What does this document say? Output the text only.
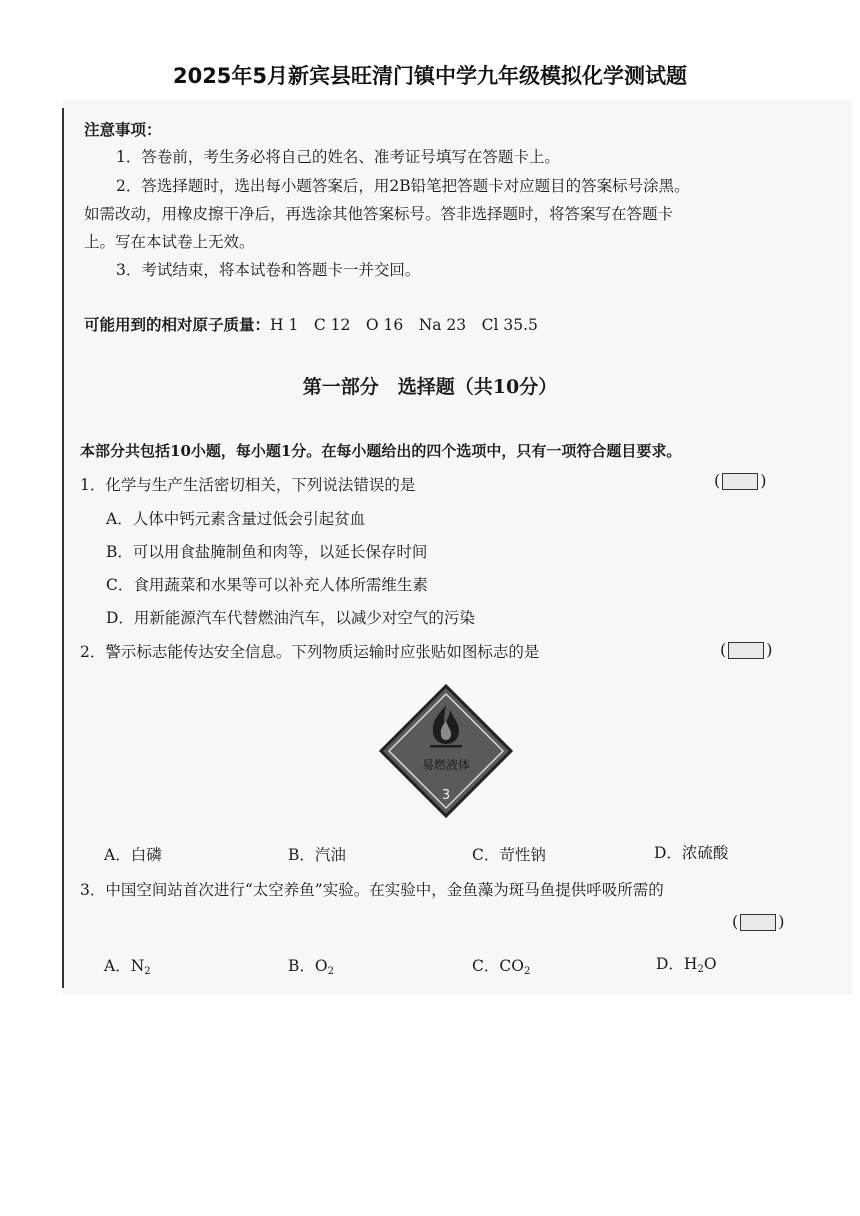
2025年5月新宾县旺清门镇中学九年级模拟化学测试题
注意事项：
1．答卷前，考生务必将自己的姓名、准考证号填写在答题卡上。
2．答选择题时，选出每小题答案后，用2B铅笔把答题卡对应题目的答案标号涂黑。
如需改动，用橡皮擦干净后，再选涂其他答案标号。答非选择题时，将答案写在答题卡
上。写在本试卷上无效。
3．考试结束，将本试卷和答题卡一并交回。
可能用到的相对原子质量：H 1　C 12　O 16　Na 23　Cl 35.5
第一部分　选择题（共10分）
本部分共包括10小题，每小题1分。在每小题给出的四个选项中，只有一项符合题目要求。
1．化学与生产生活密切相关，下列说法错误的是	(	)
A．人体中钙元素含量过低会引起贫血
B．可以用食盐腌制鱼和肉等，以延长保存时间
C．食用蔬菜和水果等可以补充人体所需维生素
D．用新能源汽车代替燃油汽车，以减少对空气的污染
2．警示标志能传达安全信息。下列物质运输时应张贴如图标志的是	(	)
易燃液体
3
A．白磷	B．汽油	C．苛性钠	D．浓硫酸
3．中国空间站首次进行“太空养鱼”实验。在实验中，金鱼藻为斑马鱼提供呼吸所需的
(	)
A．$N_2$	B．$O_2$	C．$CO_2$	D．$H_2O$
